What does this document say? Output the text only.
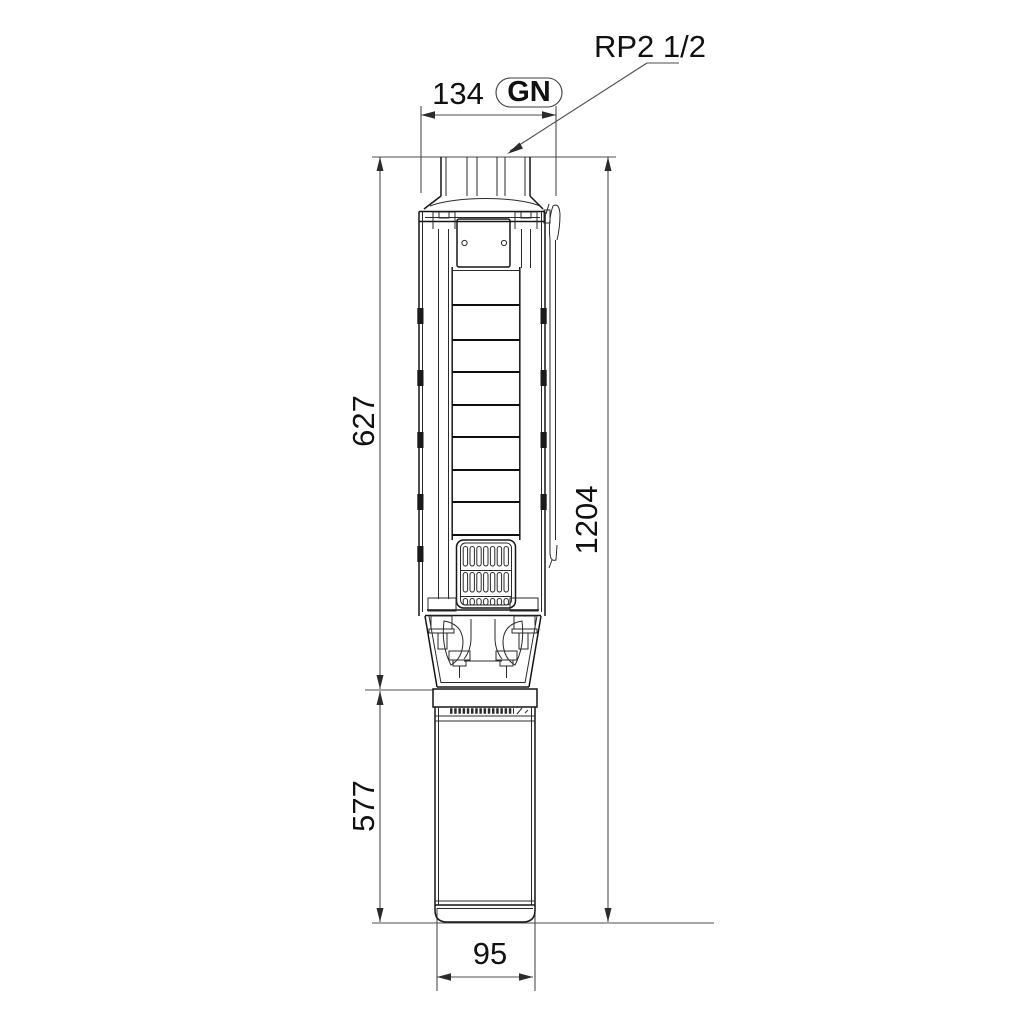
RP2 1/2
134 GN
627
577
1204
95
